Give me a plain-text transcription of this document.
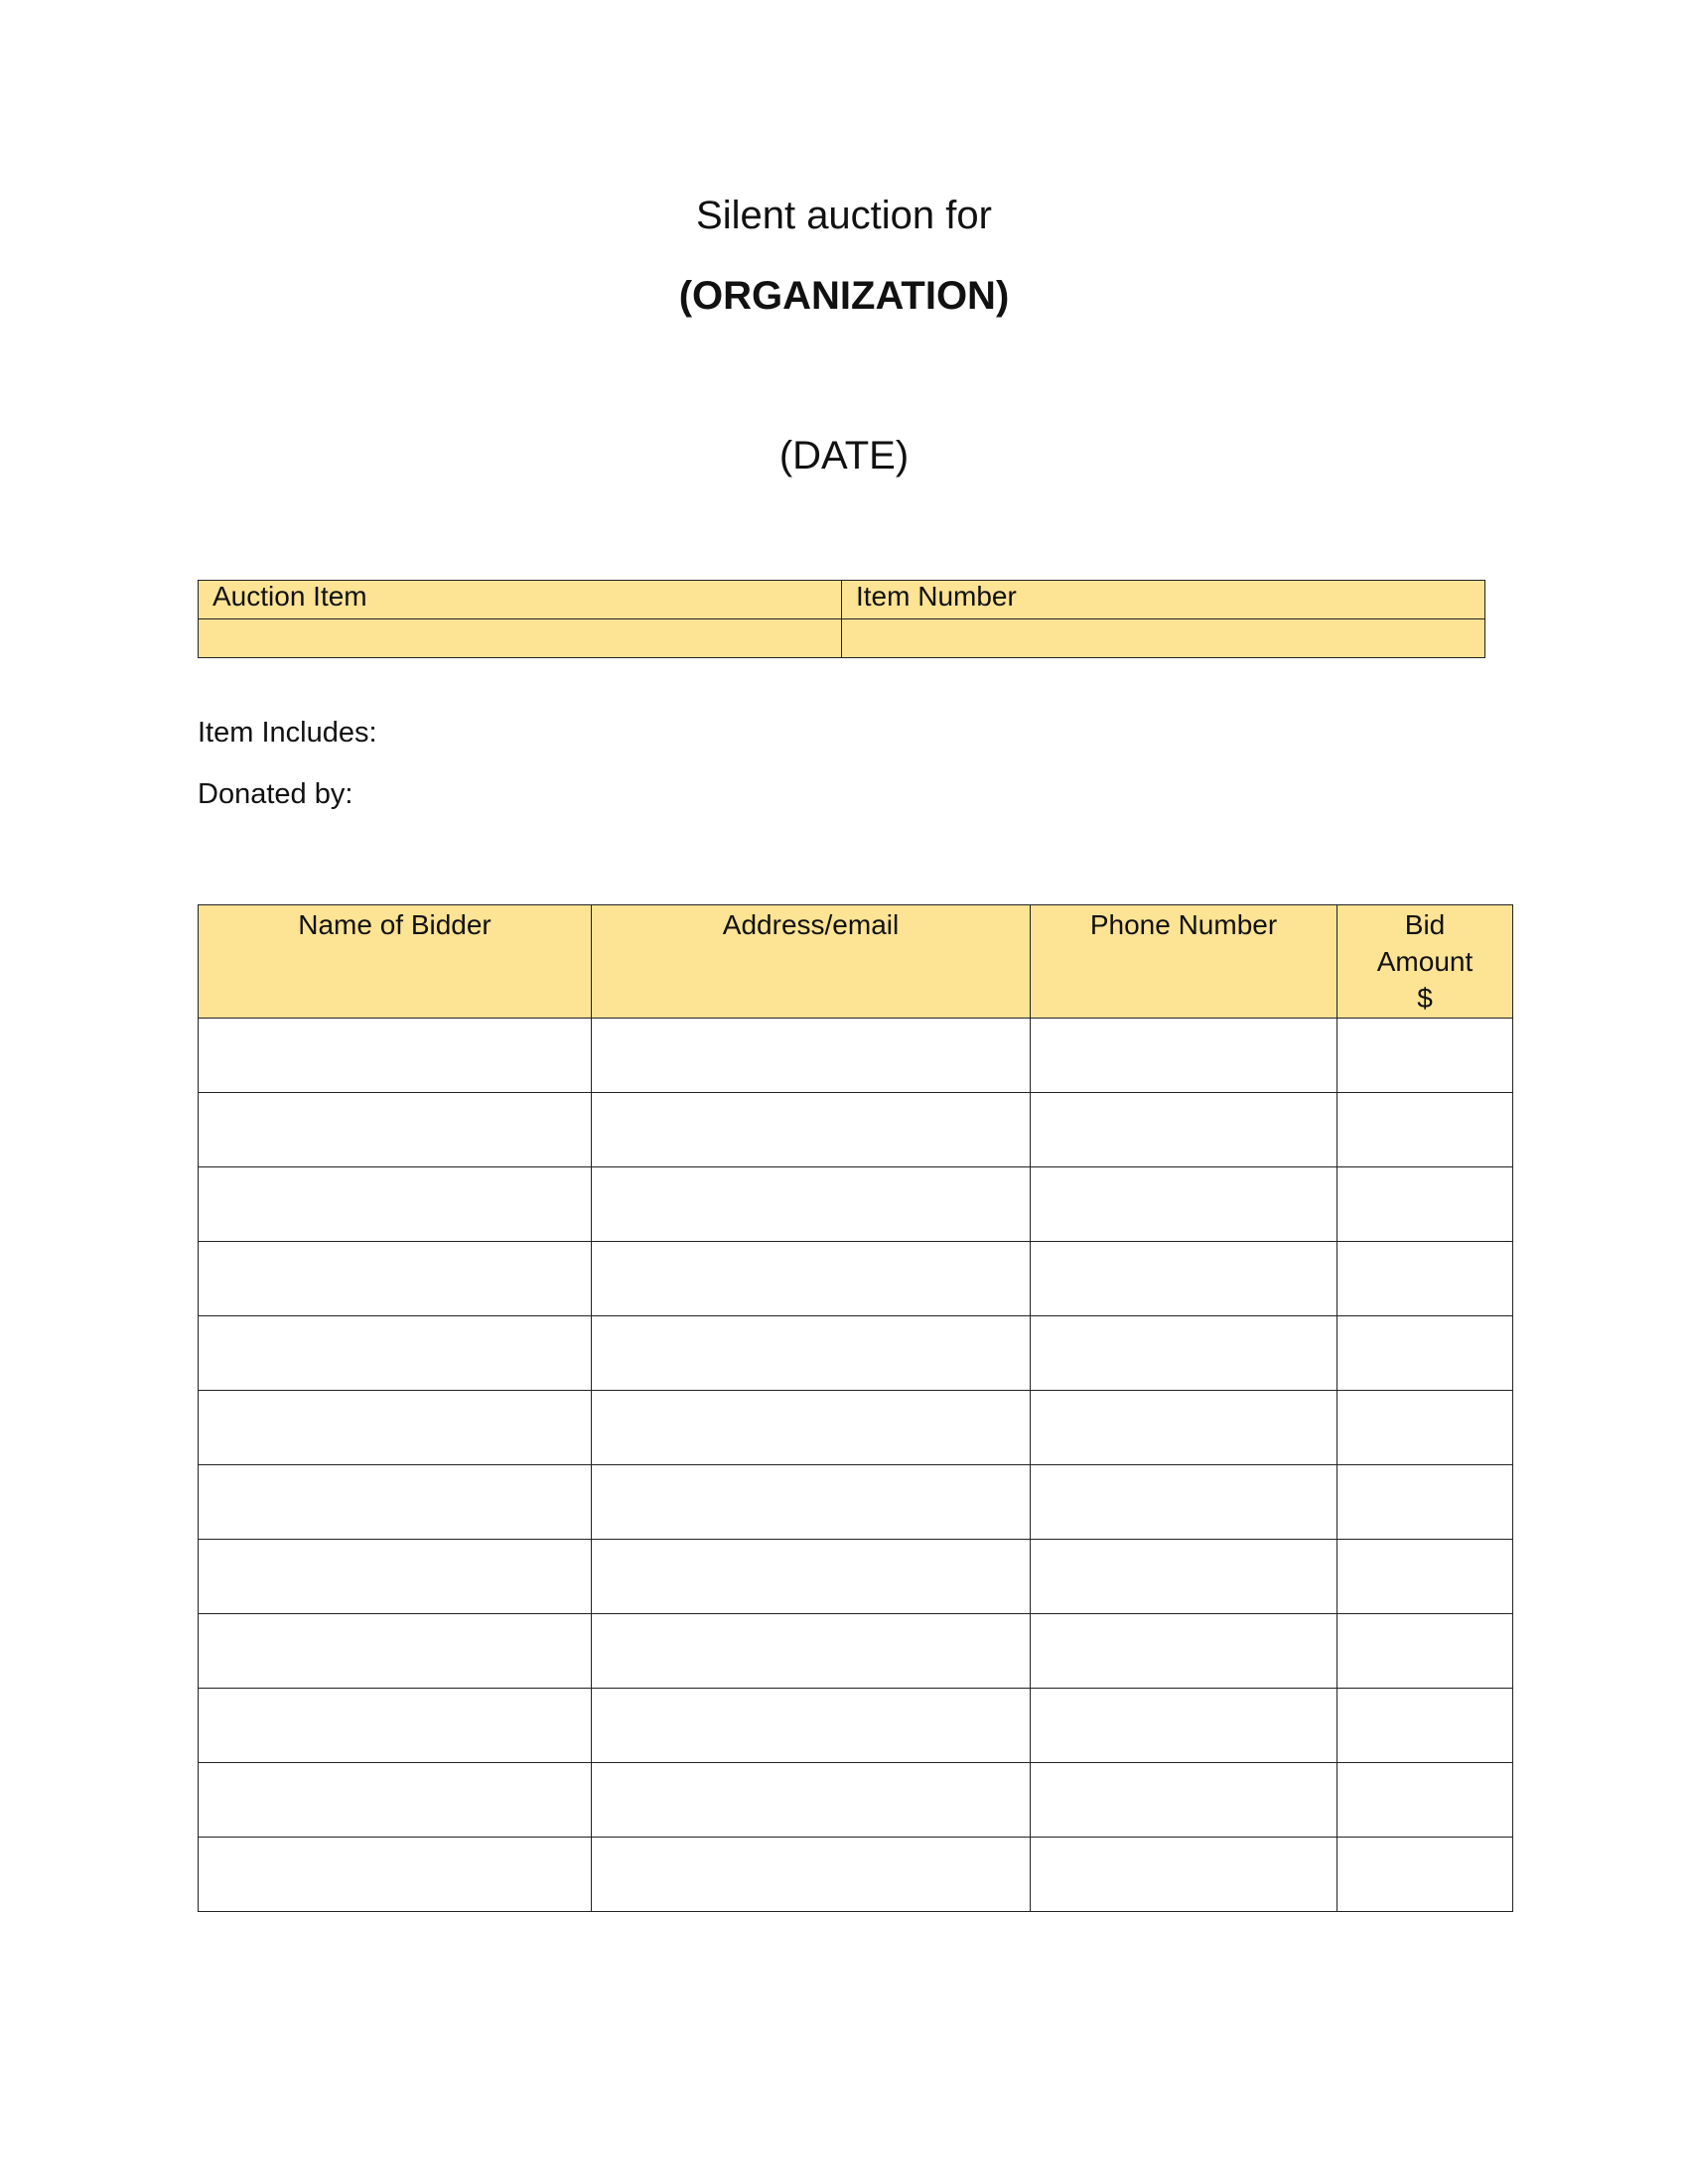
Silent auction for
(ORGANIZATION)
(DATE)
Auction Item	Item Number

Item Includes:
Donated by:
Name of Bidder	Address/email	Phone Number	Bid
Amount
$
